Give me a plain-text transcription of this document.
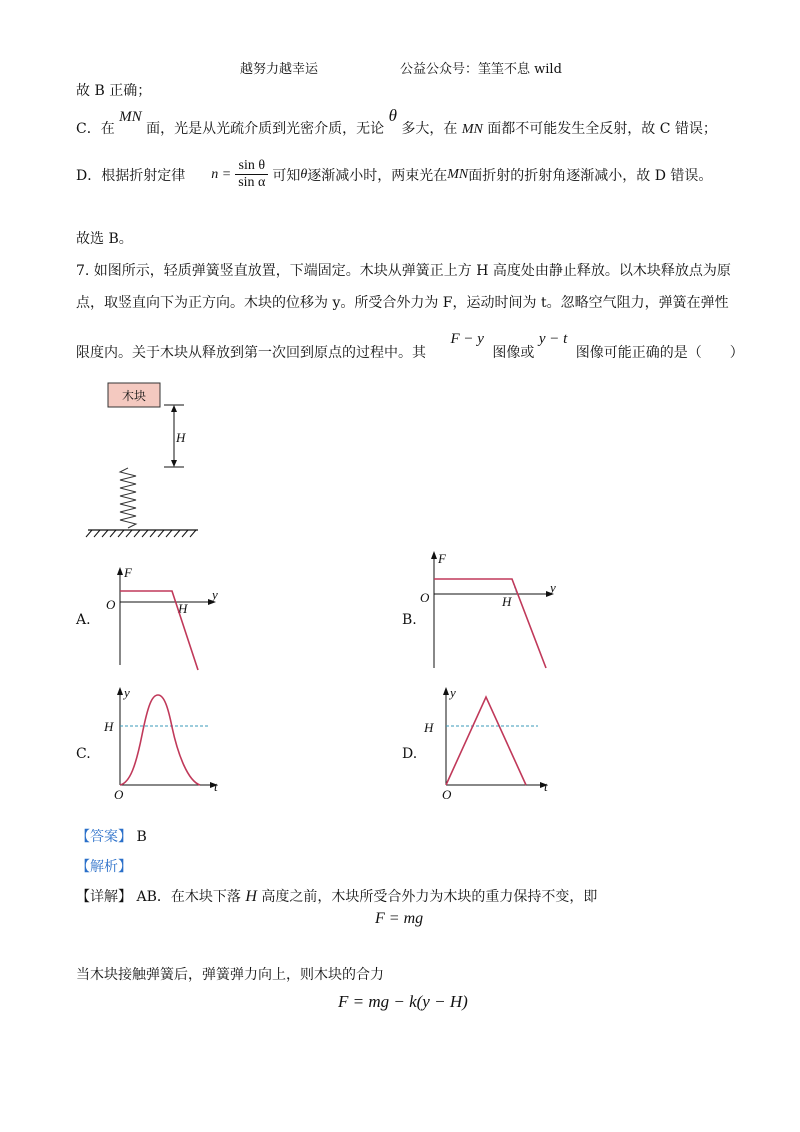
越努力越幸运	公益公众号：筀筀不息 wild
故 B 正确；
C．在 MN 面，光是从光疏介质到光密介质，无论 θ 多大，在 MN 面都不可能发生全反射，故 C 错误；
D．根据折射定律 $n = \frac{\text{sin θ}}{\text{sin α}}$ 可知 θ 逐渐减小时，两束光在 MN 面折射的折射角逐渐减小，故 D 错误。
故选 B。
7. 如图所示，轻质弹簧竖直放置，下端固定。木块从弹簧正上方 H 高度处由静止释放。以木块释放点为原
点，取竖直向下为正方向。木块的位移为 y。所受合外力为 F，运动时间为 t。忽略空气阻力，弹簧在弹性
限度内。关于木块从释放到第一次回到原点的过程中。其 F − y 图像或 y − t 图像可能正确的是（　　）
木块
H
A.	B.
C.	D.
F
y
O	H
F
y
O	H
y
t
O
H
y
t
O
H
【答案】 B
【解析】
【详解】 AB．在木块下落 H 高度之前，木块所受合外力为木块的重力保持不变，即
F = mg
当木块接触弹簧后，弹簧弹力向上，则木块的合力
F = mg − k(y − H)
